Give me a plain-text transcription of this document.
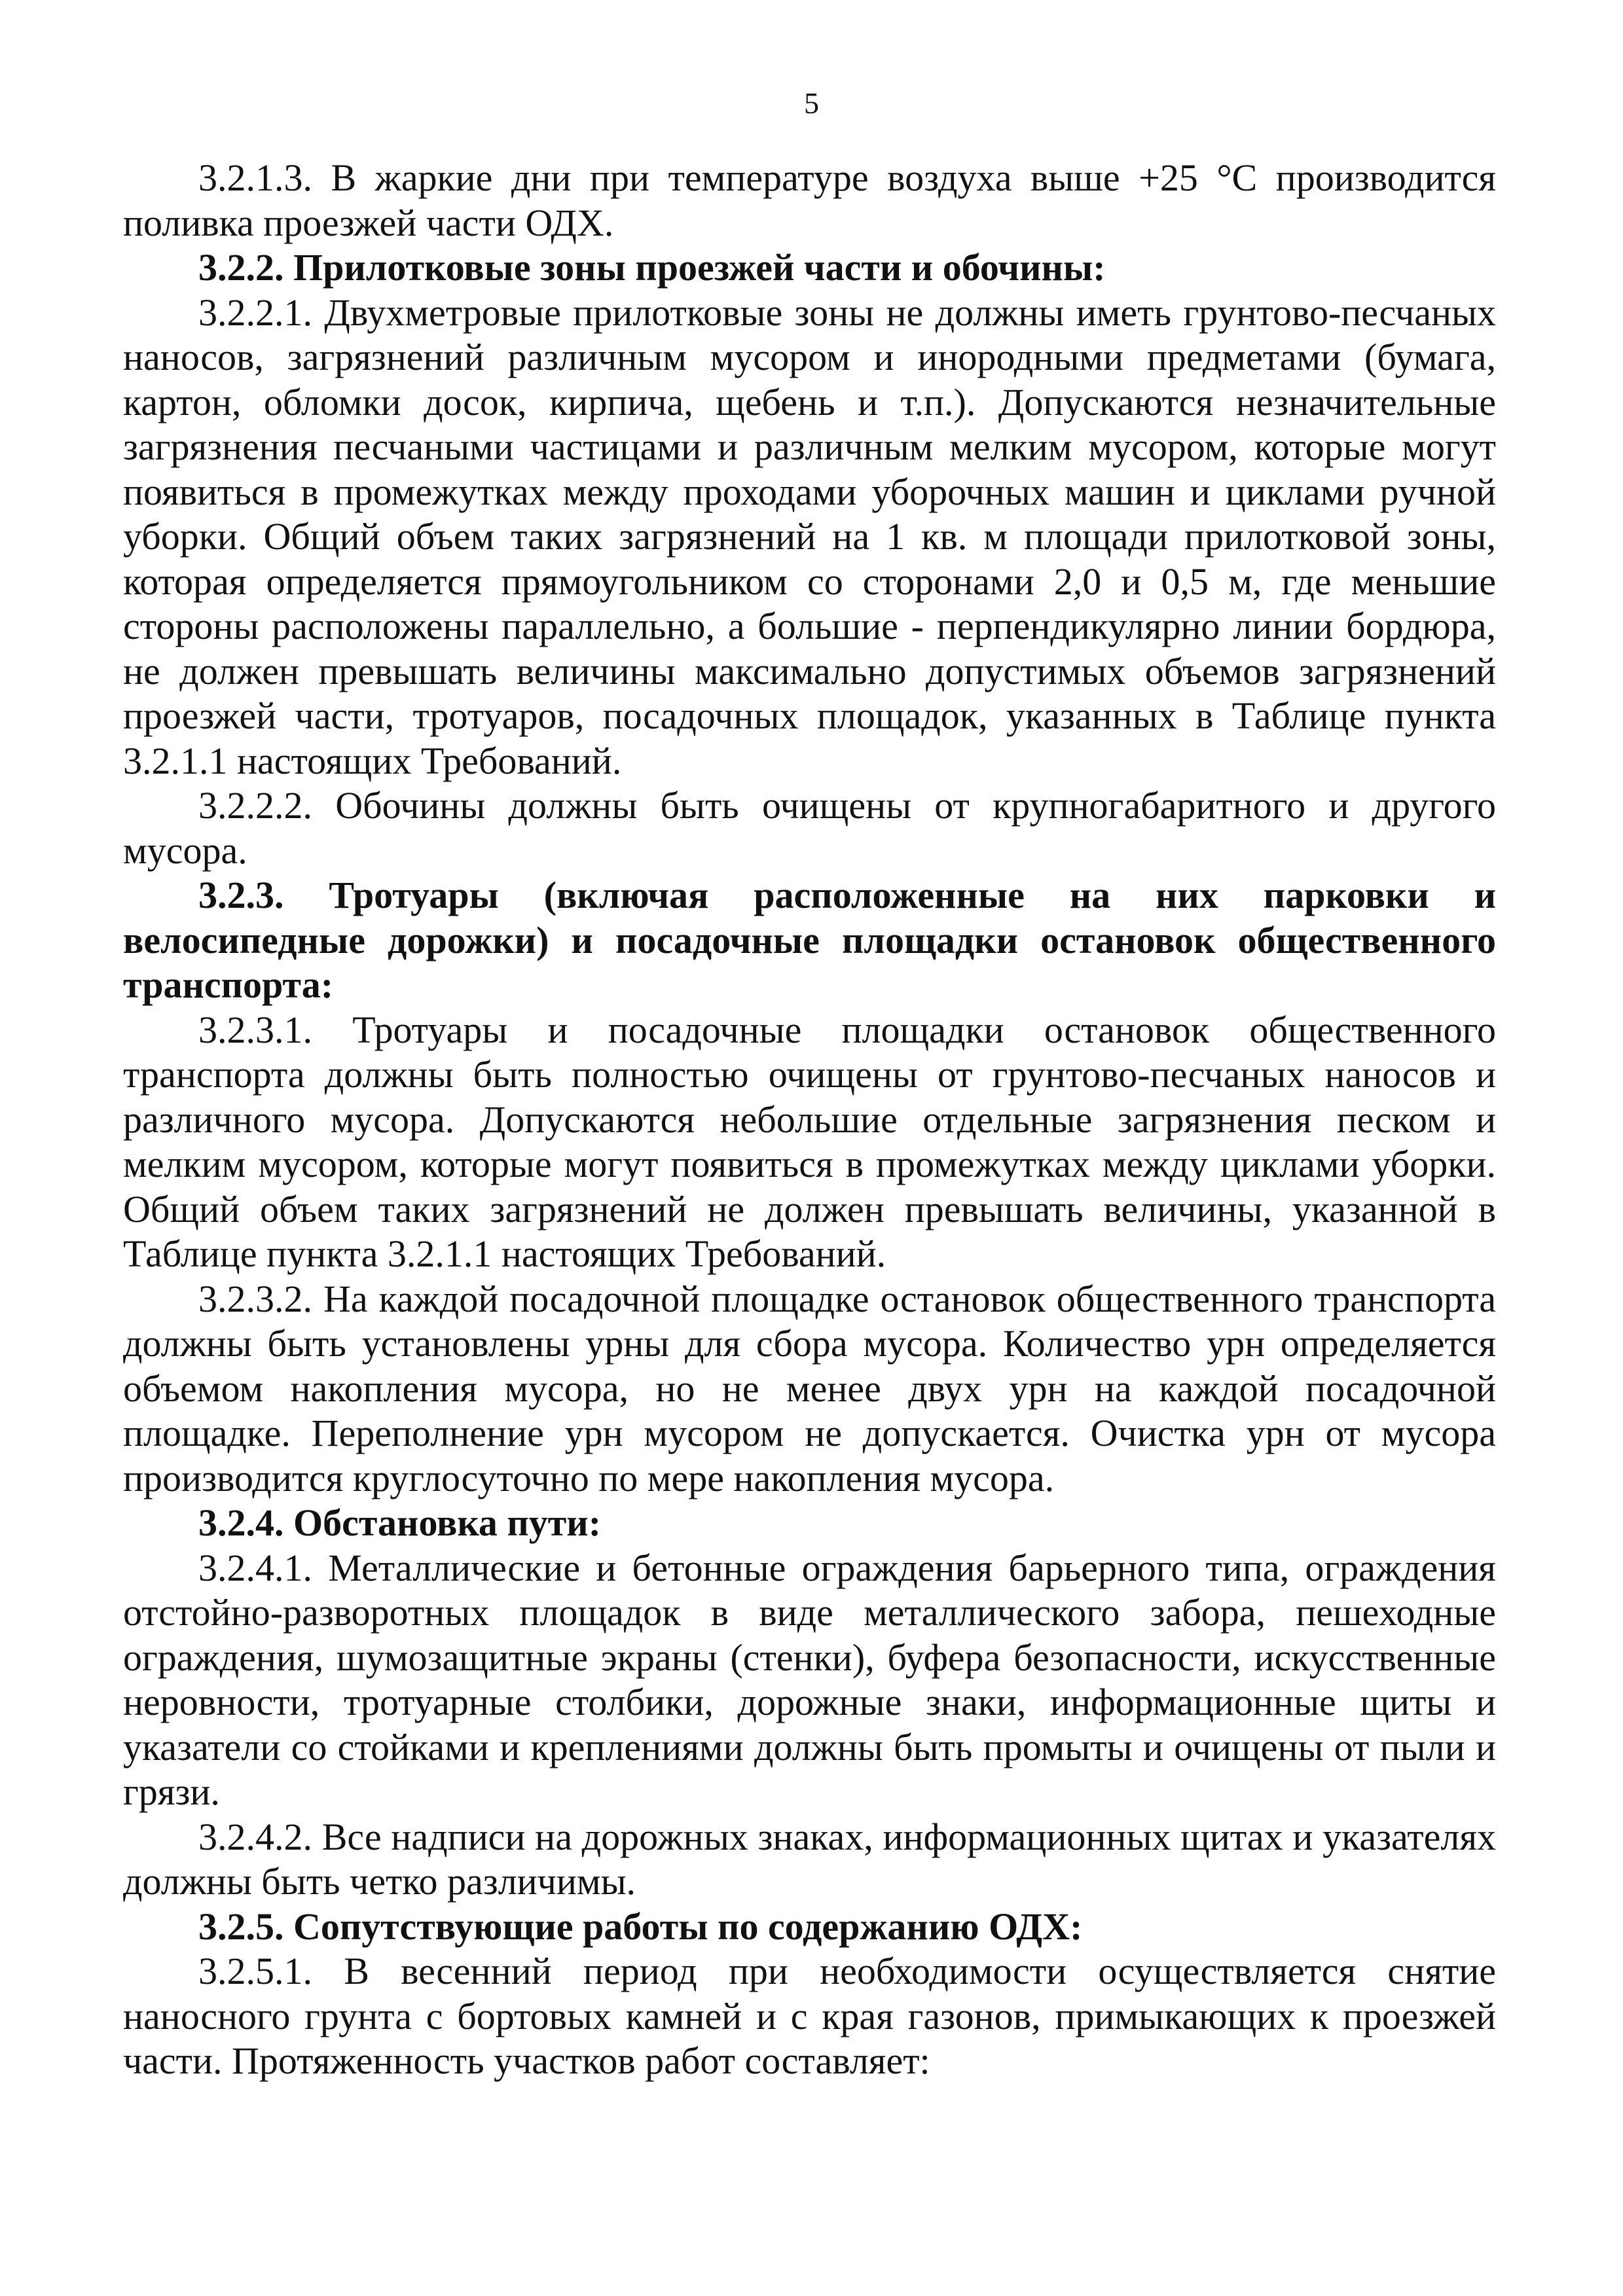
5

3.2.1.3. В жаркие дни при температуре воздуха выше +25 °С производится поливка проезжей части ОДХ.

3.2.2. Прилотковые зоны проезжей части и обочины:

3.2.2.1. Двухметровые прилотковые зоны не должны иметь грунтово-песчаных наносов, загрязнений различным мусором и инородными предметами (бумага, картон, обломки досок, кирпича, щебень и т.п.). Допускаются незначительные загрязнения песчаными частицами и различным мелким мусором, которые могут появиться в промежутках между проходами уборочных машин и циклами ручной уборки. Общий объем таких загрязнений на 1 кв. м площади прилотковой зоны, которая определяется прямоугольником со сторонами 2,0 и 0,5 м, где меньшие стороны расположены параллельно, а большие - перпендикулярно линии бордюра, не должен превышать величины максимально допустимых объемов загрязнений проезжей части, тротуаров, посадочных площадок, указанных в Таблице пункта 3.2.1.1 настоящих Требований.

3.2.2.2. Обочины должны быть очищены от крупногабаритного и другого мусора.

3.2.3. Тротуары (включая расположенные на них парковки и велосипедные дорожки) и посадочные площадки остановок общественного транспорта:

3.2.3.1. Тротуары и посадочные площадки остановок общественного транспорта должны быть полностью очищены от грунтово-песчаных наносов и различного мусора. Допускаются небольшие отдельные загрязнения песком и мелким мусором, которые могут появиться в промежутках между циклами уборки. Общий объем таких загрязнений не должен превышать величины, указанной в Таблице пункта 3.2.1.1 настоящих Требований.

3.2.3.2. На каждой посадочной площадке остановок общественного транспорта должны быть установлены урны для сбора мусора. Количество урн определяется объемом накопления мусора, но не менее двух урн на каждой посадочной площадке. Переполнение урн мусором не допускается. Очистка урн от мусора производится круглосуточно по мере накопления мусора.

3.2.4. Обстановка пути:

3.2.4.1. Металлические и бетонные ограждения барьерного типа, ограждения отстойно-разворотных площадок в виде металлического забора, пешеходные ограждения, шумозащитные экраны (стенки), буфера безопасности, искусственные неровности, тротуарные столбики, дорожные знаки, информационные щиты и указатели со стойками и креплениями должны быть промыты и очищены от пыли и грязи.

3.2.4.2. Все надписи на дорожных знаках, информационных щитах и указателях должны быть четко различимы.

3.2.5. Сопутствующие работы по содержанию ОДХ:

3.2.5.1. В весенний период при необходимости осуществляется снятие наносного грунта с бортовых камней и с края газонов, примыкающих к проезжей части. Протяженность участков работ составляет:
